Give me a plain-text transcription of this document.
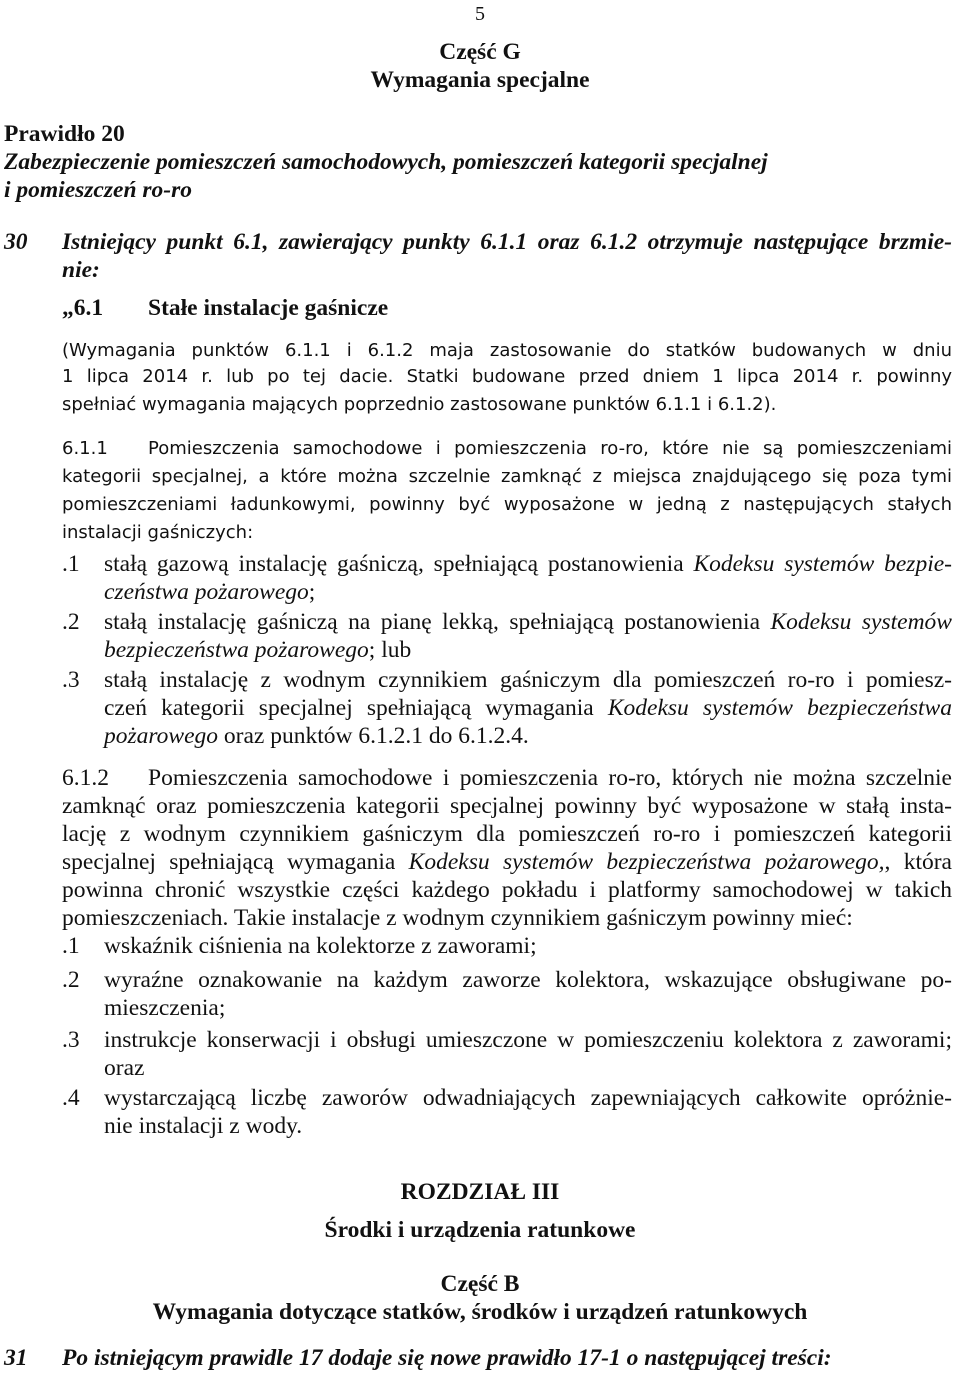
5
Część G
Wymagania specjalne
Prawidło 20
Zabezpieczenie pomieszczeń samochodowych, pomieszczeń kategorii specjalnej
i pomieszczeń ro-ro
30 Istniejący punkt 6.1, zawierający punkty 6.1.1 oraz 6.1.2 otrzymuje następujące brzmie-
nie:
„6.1 Stałe instalacje gaśnicze
(Wymagania punktów 6.1.1 i 6.1.2 maja zastosowanie do statków budowanych w dniu
1 lipca 2014 r. lub po tej dacie. Statki budowane przed dniem 1 lipca 2014 r. powinny
spełniać wymagania mających poprzednio zastosowane punktów 6.1.1 i 6.1.2).
6.1.1 Pomieszczenia samochodowe i pomieszczenia ro-ro, które nie są pomieszczeniami
kategorii specjalnej, a które można szczelnie zamknąć z miejsca znajdującego się poza tymi
pomieszczeniami ładunkowymi, powinny być wyposażone w jedną z następujących stałych
instalacji gaśniczych:
.1 stałą gazową instalację gaśniczą, spełniającą postanowienia Kodeksu systemów bezpie-
czeństwa pożarowego;
.2 stałą instalację gaśniczą na pianę lekką, spełniającą postanowienia Kodeksu systemów
bezpieczeństwa pożarowego; lub
.3 stałą instalację z wodnym czynnikiem gaśniczym dla pomieszczeń ro-ro i pomiesz-
czeń kategorii specjalnej spełniającą wymagania Kodeksu systemów bezpieczeństwa
pożarowego oraz punktów 6.1.2.1 do 6.1.2.4.
6.1.2 Pomieszczenia samochodowe i pomieszczenia ro-ro, których nie można szczelnie
zamknąć oraz pomieszczenia kategorii specjalnej powinny być wyposażone w stałą insta-
lację z wodnym czynnikiem gaśniczym dla pomieszczeń ro-ro i pomieszczeń kategorii
specjalnej spełniającą wymagania Kodeksu systemów bezpieczeństwa pożarowego,, która
powinna chronić wszystkie części każdego pokładu i platformy samochodowej w takich
pomieszczeniach. Takie instalacje z wodnym czynnikiem gaśniczym powinny mieć:
.1 wskaźnik ciśnienia na kolektorze z zaworami;
.2 wyraźne oznakowanie na każdym zaworze kolektora, wskazujące obsługiwane po-
mieszczenia;
.3 instrukcje konserwacji i obsługi umieszczone w pomieszczeniu kolektora z zaworami;
oraz
.4 wystarczającą liczbę zaworów odwadniających zapewniających całkowite opróżnie-
nie instalacji z wody.
ROZDZIAŁ III
Środki i urządzenia ratunkowe
Część B
Wymagania dotyczące statków, środków i urządzeń ratunkowych
31 Po istniejącym prawidle 17 dodaje się nowe prawidło 17-1 o następującej treści:
